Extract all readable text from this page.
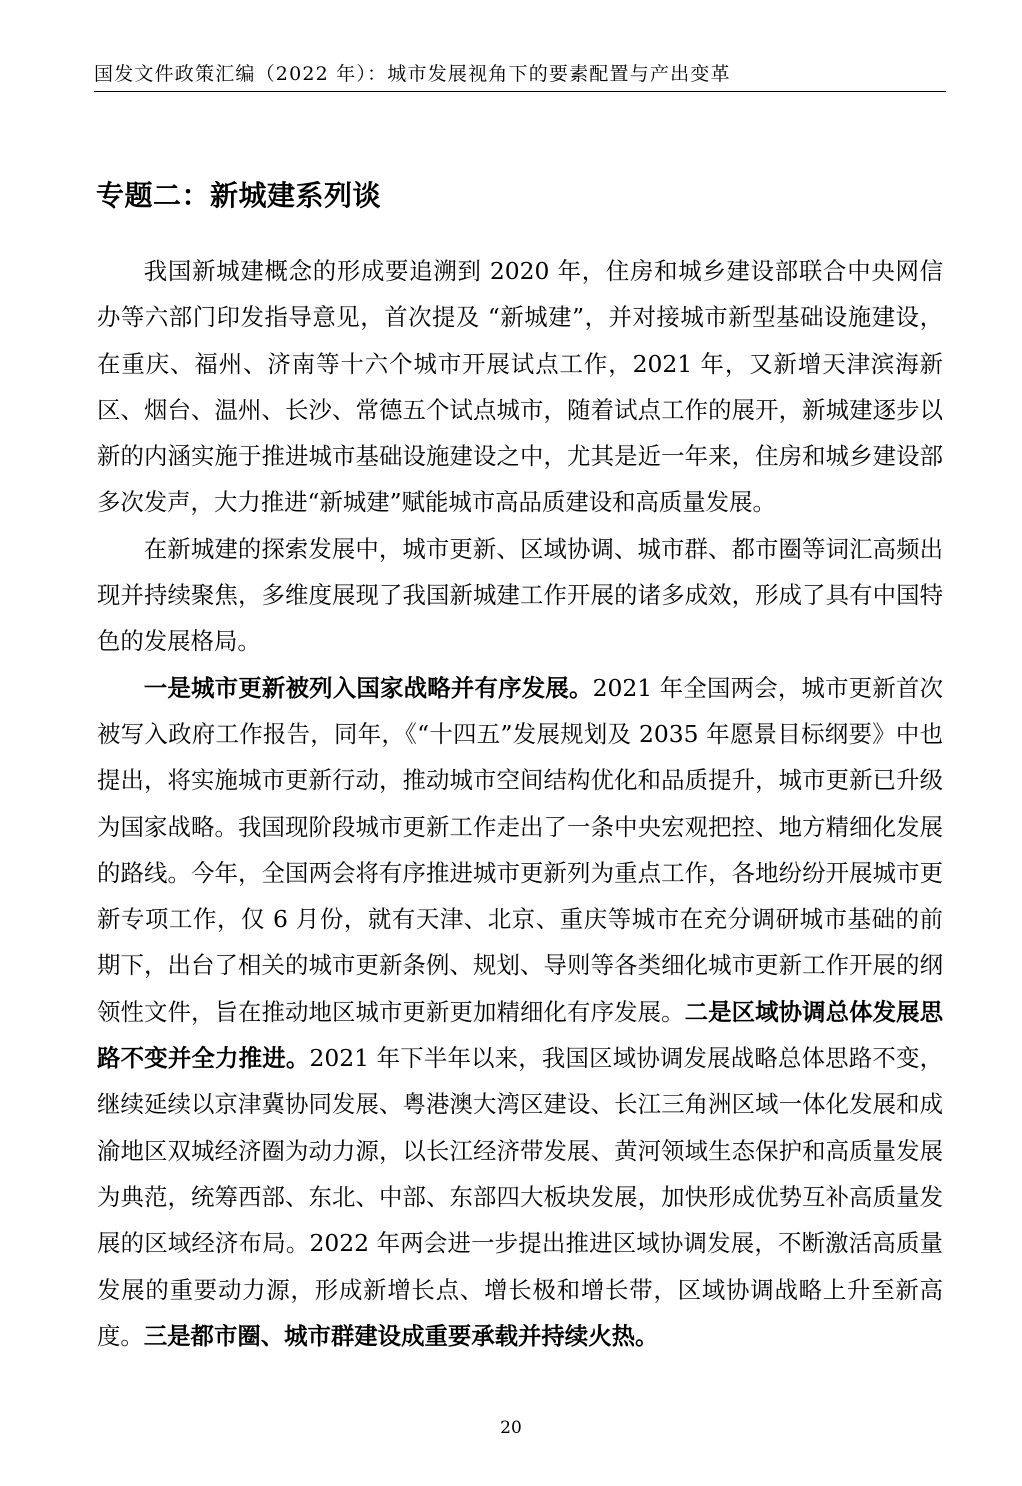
国发文件政策汇编（2022 年）：城市发展视角下的要素配置与产出变革
专题二：新城建系列谈

我国新城建概念的形成要追溯到 2020 年，住房和城乡建设部联合中央网信办等六部门印发指导意见，首次提及 “新城建”，并对接城市新型基础设施建设，在重庆、福州、济南等十六个城市开展试点工作，2021 年，又新增天津滨海新区、烟台、温州、长沙、常德五个试点城市，随着试点工作的展开，新城建逐步以新的内涵实施于推进城市基础设施建设之中，尤其是近一年来，住房和城乡建设部多次发声，大力推进“新城建”赋能城市高品质建设和高质量发展。

在新城建的探索发展中，城市更新、区域协调、城市群、都市圈等词汇高频出现并持续聚焦，多维度展现了我国新城建工作开展的诸多成效，形成了具有中国特色的发展格局。

一是城市更新被列入国家战略并有序发展。2021 年全国两会，城市更新首次被写入政府工作报告，同年，《“十四五”发展规划及 2035 年愿景目标纲要》中也提出，将实施城市更新行动，推动城市空间结构优化和品质提升，城市更新已升级为国家战略。我国现阶段城市更新工作走出了一条中央宏观把控、地方精细化发展的路线。今年，全国两会将有序推进城市更新列为重点工作，各地纷纷开展城市更新专项工作，仅 6 月份，就有天津、北京、重庆等城市在充分调研城市基础的前期下，出台了相关的城市更新条例、规划、导则等各类细化城市更新工作开展的纲领性文件，旨在推动地区城市更新更加精细化有序发展。二是区域协调总体发展思路不变并全力推进。2021 年下半年以来，我国区域协调发展战略总体思路不变，继续延续以京津冀协同发展、粤港澳大湾区建设、长江三角洲区域一体化发展和成渝地区双城经济圈为动力源，以长江经济带发展、黄河领域生态保护和高质量发展为典范，统筹西部、东北、中部、东部四大板块发展，加快形成优势互补高质量发展的区域经济布局。2022 年两会进一步提出推进区域协调发展，不断激活高质量发展的重要动力源，形成新增长点、增长极和增长带，区域协调战略上升至新高度。三是都市圈、城市群建设成重要承载并持续火热。

20
